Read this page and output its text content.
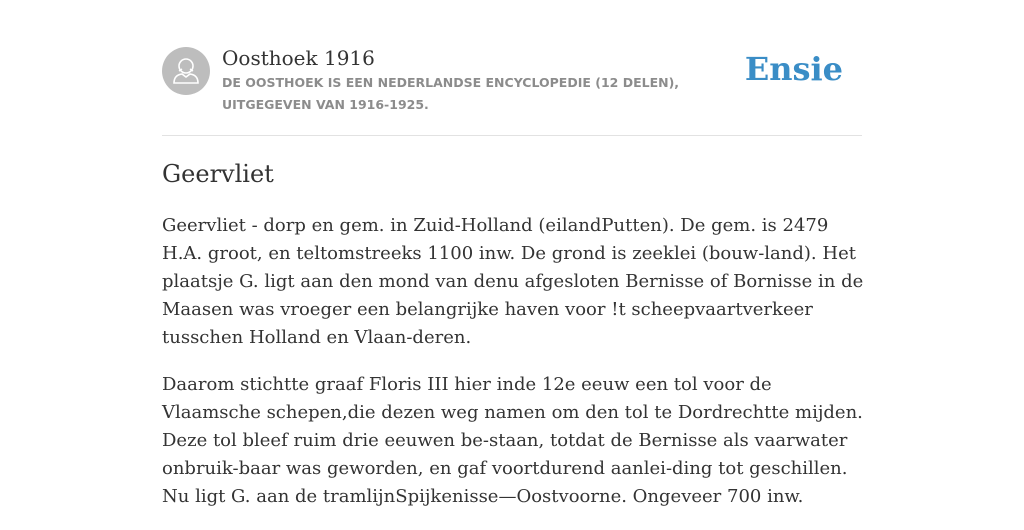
Oosthoek 1916
DE OOSTHOEK IS EEN NEDERLANDSE ENCYCLOPEDIE (12 DELEN), UITGEGEVEN VAN 1916-1925.
Ensie
Geervliet

Geervliet - dorp en gem. in Zuid-Holland (eilandPutten). De gem. is 2479 H.A. groot, en teltomstreeks 1100 inw. De grond is zeeklei (bouw-land). Het plaatsje G. ligt aan den mond van denu afgesloten Bernisse of Bornisse in de Maasen was vroeger een belangrijke haven voor !t scheepvaartverkeer tusschen Holland en Vlaan-deren.

Daarom stichtte graaf Floris III hier inde 12e eeuw een tol voor de Vlaamsche schepen,die dezen weg namen om den tol te Dordrechtte mijden. Deze tol bleef ruim drie eeuwen be-staan, totdat de Bernisse als vaarwater onbruik-baar was geworden, en gaf voortdurend aanlei-ding tot geschillen. Nu ligt G. aan de tramlijnSpijkenisse—Oostvoorne. Ongeveer 700 inw.
